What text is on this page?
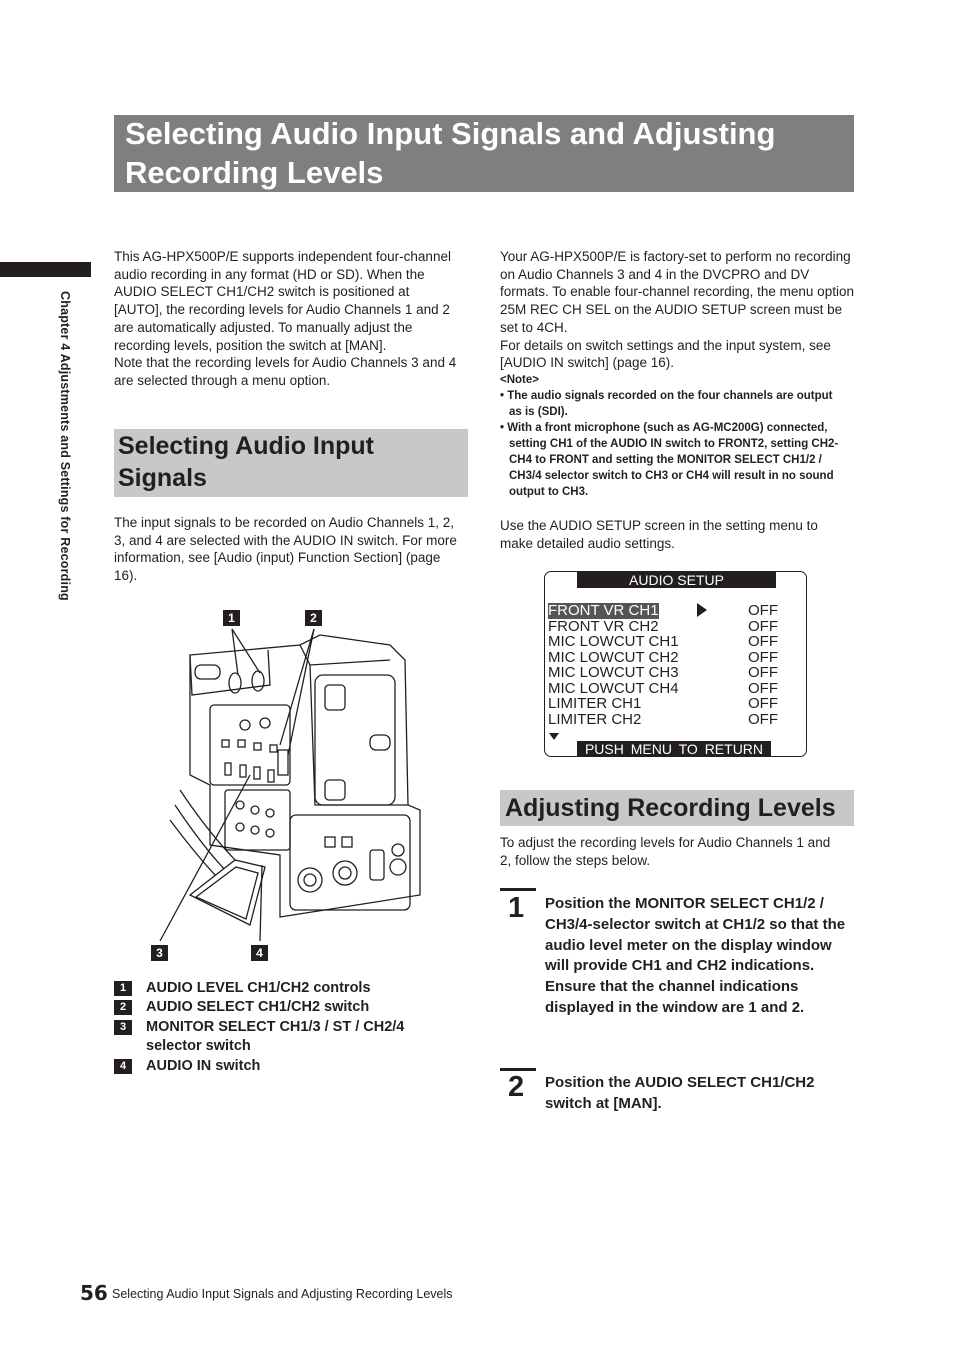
Selecting Audio Input Signals and Adjusting Recording Levels
Chapter 4 Adjustments and Settings for Recording
This AG-HPX500P/E supports independent four-channel audio recording in any format (HD or SD). When the AUDIO SELECT CH1/CH2 switch is positioned at [AUTO], the recording levels for Audio Channels 1 and 2 are automatically adjusted. To manually adjust the recording levels, position the switch at [MAN].
Note that the recording levels for Audio Channels 3 and 4 are selected through a menu option.
Selecting Audio Input Signals
The input signals to be recorded on Audio Channels 1, 2, 3, and 4 are selected with the AUDIO IN switch. For more information, see [Audio (input) Function Section] (page 16).
1	2
3	4
1	AUDIO LEVEL CH1/CH2 controls
2	AUDIO SELECT CH1/CH2 switch
3	MONITOR SELECT CH1/3 / ST / CH2/4 selector switch
4	AUDIO IN switch
Your AG-HPX500P/E is factory-set to perform no recording on Audio Channels 3 and 4 in the DVCPRO and DV formats. To enable four-channel recording, the menu option 25M REC CH SEL on the AUDIO SETUP screen must be set to 4CH.
For details on switch settings and the input system, see [AUDIO IN switch] (page 16).
<Note>
• The audio signals recorded on the four channels are output as is (SDI).
• With a front microphone (such as AG-MC200G) connected, setting CH1 of the AUDIO IN switch to FRONT2, setting CH2-CH4 to FRONT and setting the MONITOR SELECT CH1/2 / CH3/4 selector switch to CH3 or CH4 will result in no sound output to CH3.
Use the AUDIO SETUP screen in the setting menu to make detailed audio settings.
AUDIO SETUP
FRONT VR CH1	OFF
FRONT VR CH2	OFF
MIC LOWCUT CH1	OFF
MIC LOWCUT CH2	OFF
MIC LOWCUT CH3	OFF
MIC LOWCUT CH4	OFF
LIMITER CH1	OFF
LIMITER CH2	OFF
PUSH MENU TO RETURN
Adjusting Recording Levels
To adjust the recording levels for Audio Channels 1 and 2, follow the steps below.
1 Position the MONITOR SELECT CH1/2 / CH3/4-selector switch at CH1/2 so that the audio level meter on the display window will provide CH1 and CH2 indications. Ensure that the channel indications displayed in the window are 1 and 2.
2 Position the AUDIO SELECT CH1/CH2 switch at [MAN].
56 Selecting Audio Input Signals and Adjusting Recording Levels
